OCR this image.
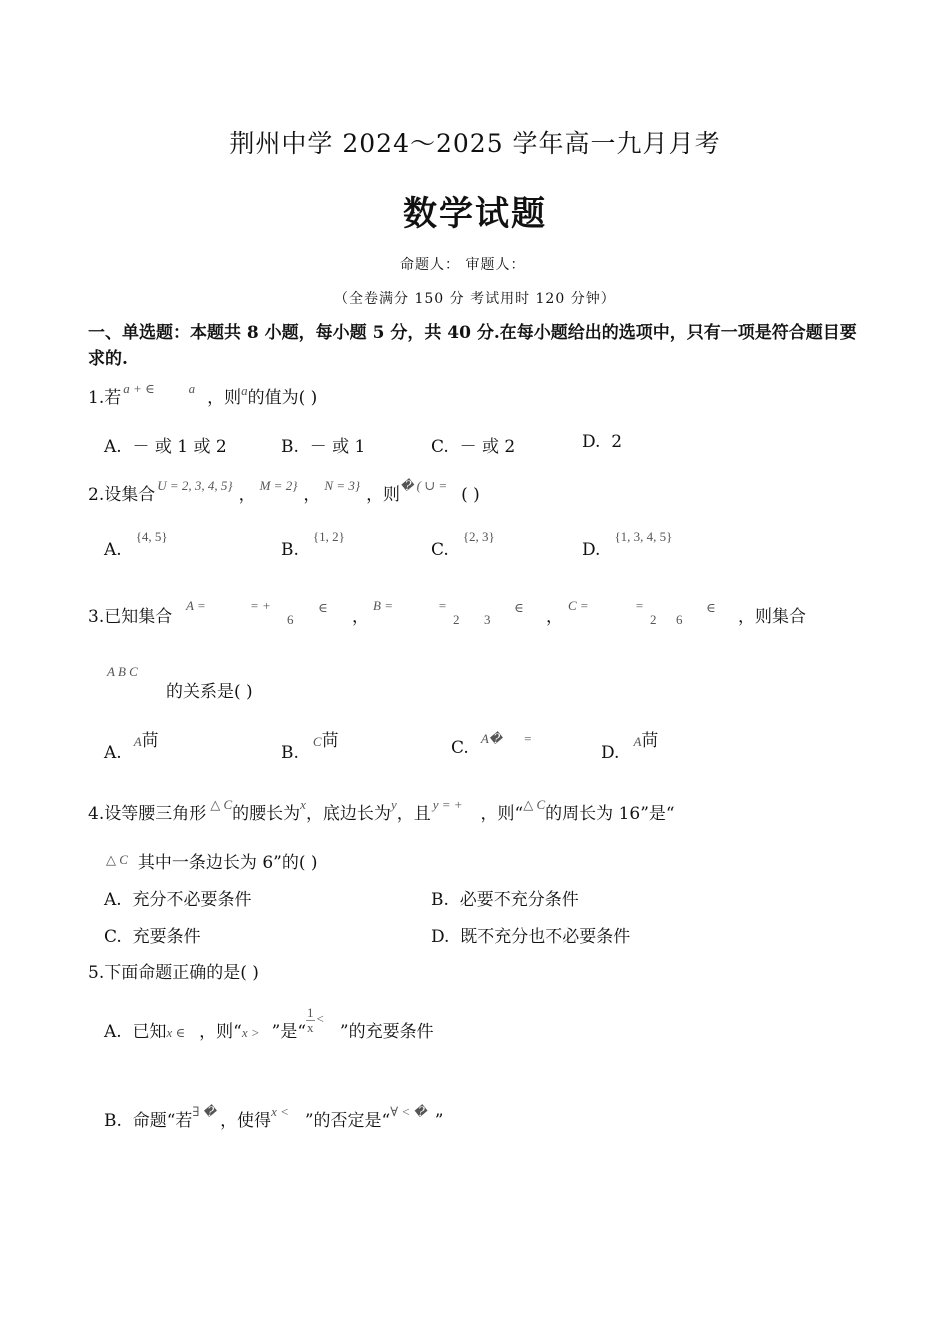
荆州中学 2024～2025 学年高一九月月考
数学试题
命题人： 审题人：
（全卷满分 150 分 考试用时 120 分钟）
一、单选题：本题共 8 小题，每小题 5 分，共 40 分.在每小题给出的选项中，只有一项是符合题目要求的.
1.若 $^{a + \in}$	$^a$ ，则$^a$的值为( )
A. － 或 1 或 2	B. － 或 1	C. － 或 2	D. 2
2.设集合 $^{U = 2, 3, 4, 5\}}$ ， $^{M = 2\}}$ ， $^{N = 3\}}$ ，则� ( ∪ = ( )
A.$^{\{4, 5\}}$
B.$^{\{1, 2\}}$
C.$^{\{2, 3\}}$
D.$^{\{1, 3, 4, 5\}}$
3.已知集合
A =	= +
6
∈ ，
B =	=
2 3
∈ ，
C =	=
2 6
∈ ，则集合
A B C
的关系是( )
A.$^A$苘
B.$^C$苘	C. $^{A�}$ =
D.$^A$苘
4.设等腰三角形 $^{\triangle C}$的腰长为$^x$，底边长为$^y$，且 $^{y = +}$ ，则“$^{\triangle C}$的周长为 16”是“
$^{\triangle C}$ 其中一条边长为 6”的( )
A. 充分不必要条件	B. 必要不充分条件
C. 充要条件	D. 既不充分也不必要条件
5.下面命题正确的是( )
A. 已知x ∈ ，则“x > ”是“ $\frac{1}{x} ^<$”的充要条件
B. 命题“若∃ � ，使得$^{x <}$ ”的否定是“∀ < � ”
